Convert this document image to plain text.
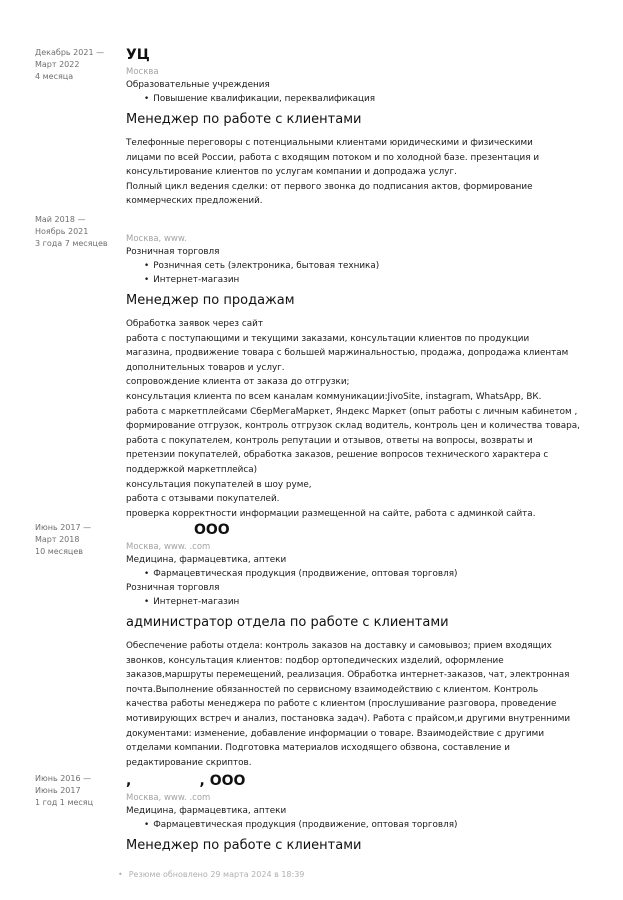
Декабрь 2021 —
Март 2022
4 месяца
УЦ
Москва
Образовательные учреждения
• Повышение квалификации, переквалификация
Менеджер по работе с клиентами
Телефонные переговоры с потенциальными клиентами юридическими и физическими
лицами по всей России, работа с входящим потоком и по холодной базе. презентация и
консультирование клиентов по услугам компании и допродажа услуг.
Полный цикл ведения сделки: от первого звонка до подписания актов, формирование
коммерческих предложений.
Май 2018 —
Ноябрь 2021
3 года 7 месяцев	Москва, www.
Розничная торговля
• Розничная сеть (электроника, бытовая техника)
• Интернет-магазин
Менеджер по продажам
Обработка заявок через сайт
работа с поступающими и текущими заказами, консультации клиентов по продукции
магазина, продвижение товара с большей маржинальностью, продажа, допродажа клиентам
дополнительных товаров и услуг.
сопровождение клиента от заказа до отгрузки;
консультация клиента по всем каналам коммуникации:JivoSite, instagram, WhatsApp, ВК.
работа с маркетплейсами СберМегаМаркет, Яндекс Маркет (опыт работы с личным кабинетом ,
формирование отгрузок, контроль отгрузок склад водитель, контроль цен и количества товара,
работа с покупателем, контроль репутации и отзывов, ответы на вопросы, возвраты и
претензии покупателей, обработка заказов, решение вопросов технического характера с
поддержкой маркетплейса)
консультация покупателей в шоу руме,
работа с отзывами покупателей.
проверка корректности информации размещенной на сайте, работа с админкой сайта.
Июнь 2017 —
Март 2018
10 месяцев
ООО
Москва, www. .com
Медицина, фармацевтика, аптеки
• Фармацевтическая продукция (продвижение, оптовая торговля)
Розничная торговля
• Интернет-магазин
администратор отдела по работе с клиентами
Обеспечение работы отдела: контроль заказов на доставку и самовывоз; прием входящих
звонков, консультация клиентов: подбор ортопедических изделий, оформление
заказов,маршруты перемещений, реализация. Обработка интернет-заказов, чат, электронная
почта.Выполнение обязанностей по сервисному взаимодействию с клиентом. Контроль
качества работы менеджера по работе с клиентом (прослушивание разговора, проведение
мотивирующих встреч и анализ, постановка задач). Работа с прайсом,и другими внутренними
документами: изменение, добавление информации о товаре. Взаимодействие с другими
отделами компании. Подготовка материалов исходящего обзвона, составление и
редактирование скриптов.
Июнь 2016 —
Июнь 2017
1 год 1 месяц
,              , ООО
Москва, www. .com
Медицина, фармацевтика, аптеки
• Фармацевтическая продукция (продвижение, оптовая торговля)
Менеджер по работе с клиентами
• Резюме обновлено 29 марта 2024 в 18:39
